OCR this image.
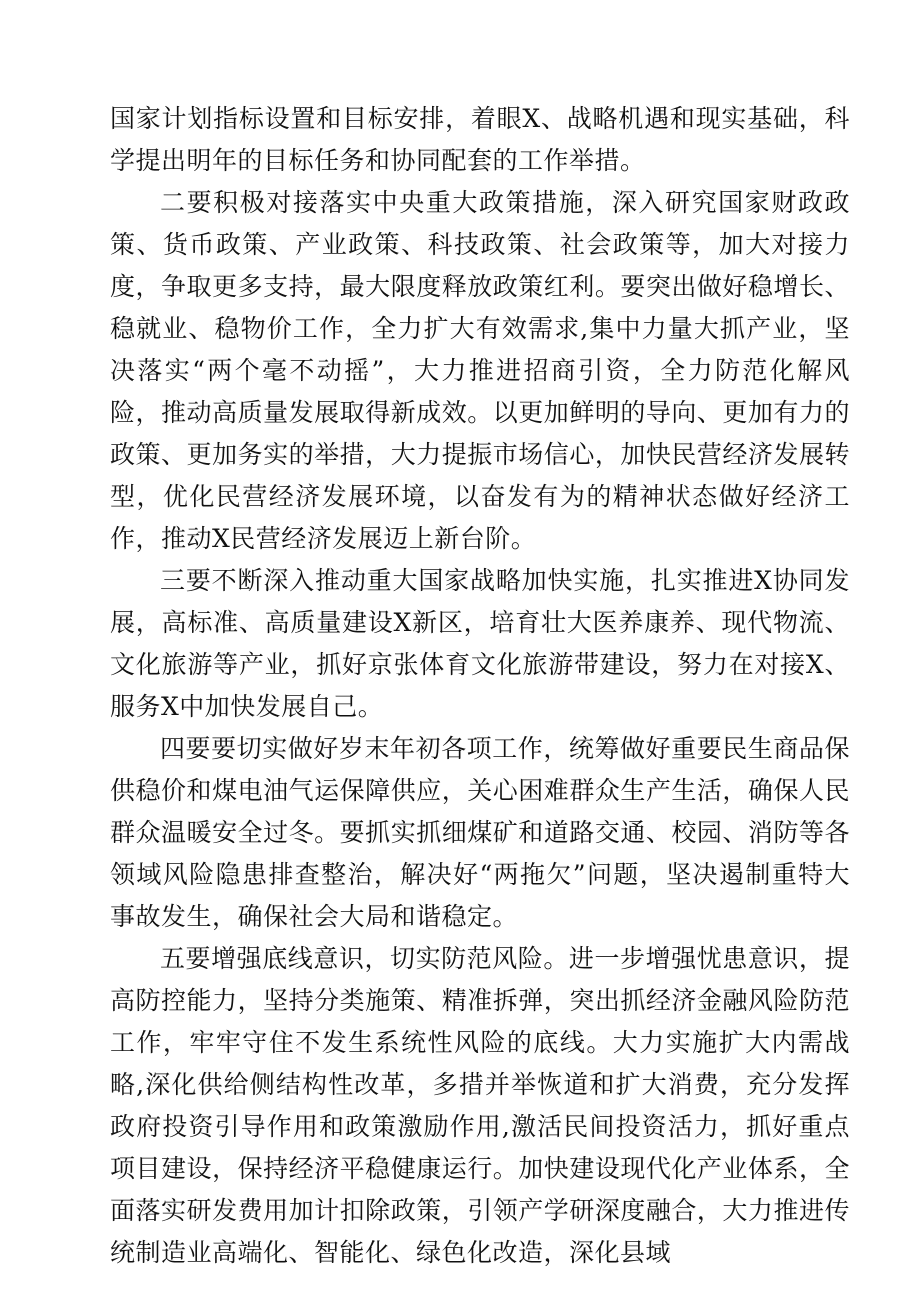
国家计划指标设置和目标安排，着眼X、战略机遇和现实基础，科学提出明年的目标任务和协同配套的工作举措。

二要积极对接落实中央重大政策措施，深入研究国家财政政策、货币政策、产业政策、科技政策、社会政策等，加大对接力度，争取更多支持，最大限度释放政策红利。要突出做好稳增长、稳就业、稳物价工作，全力扩大有效需求,集中力量大抓产业，坚决落实“两个毫不动摇”，大力推进招商引资，全力防范化解风险，推动高质量发展取得新成效。以更加鲜明的导向、更加有力的政策、更加务实的举措，大力提振市场信心，加快民营经济发展转型，优化民营经济发展环境，以奋发有为的精神状态做好经济工作，推动X民营经济发展迈上新台阶。

三要不断深入推动重大国家战略加快实施，扎实推进X协同发展，高标准、高质量建设X新区，培育壮大医养康养、现代物流、文化旅游等产业，抓好京张体育文化旅游带建设，努力在对接X、服务X中加快发展自己。

四要要切实做好岁末年初各项工作，统筹做好重要民生商品保供稳价和煤电油气运保障供应，关心困难群众生产生活，确保人民群众温暖安全过冬。要抓实抓细煤矿和道路交通、校园、消防等各领域风险隐患排查整治，解决好“两拖欠”问题，坚决遏制重特大事故发生，确保社会大局和谐稳定。

五要增强底线意识，切实防范风险。进一步增强忧患意识，提高防控能力，坚持分类施策、精准拆弹，突出抓经济金融风险防范工作，牢牢守住不发生系统性风险的底线。大力实施扩大内需战略,深化供给侧结构性改革，多措并举恢道和扩大消费，充分发挥政府投资引导作用和政策激励作用,激活民间投资活力，抓好重点项目建设，保持经济平稳健康运行。加快建设现代化产业体系，全面落实研发费用加计扣除政策，引领产学研深度融合，大力推进传统制造业高端化、智能化、绿色化改造，深化县域
